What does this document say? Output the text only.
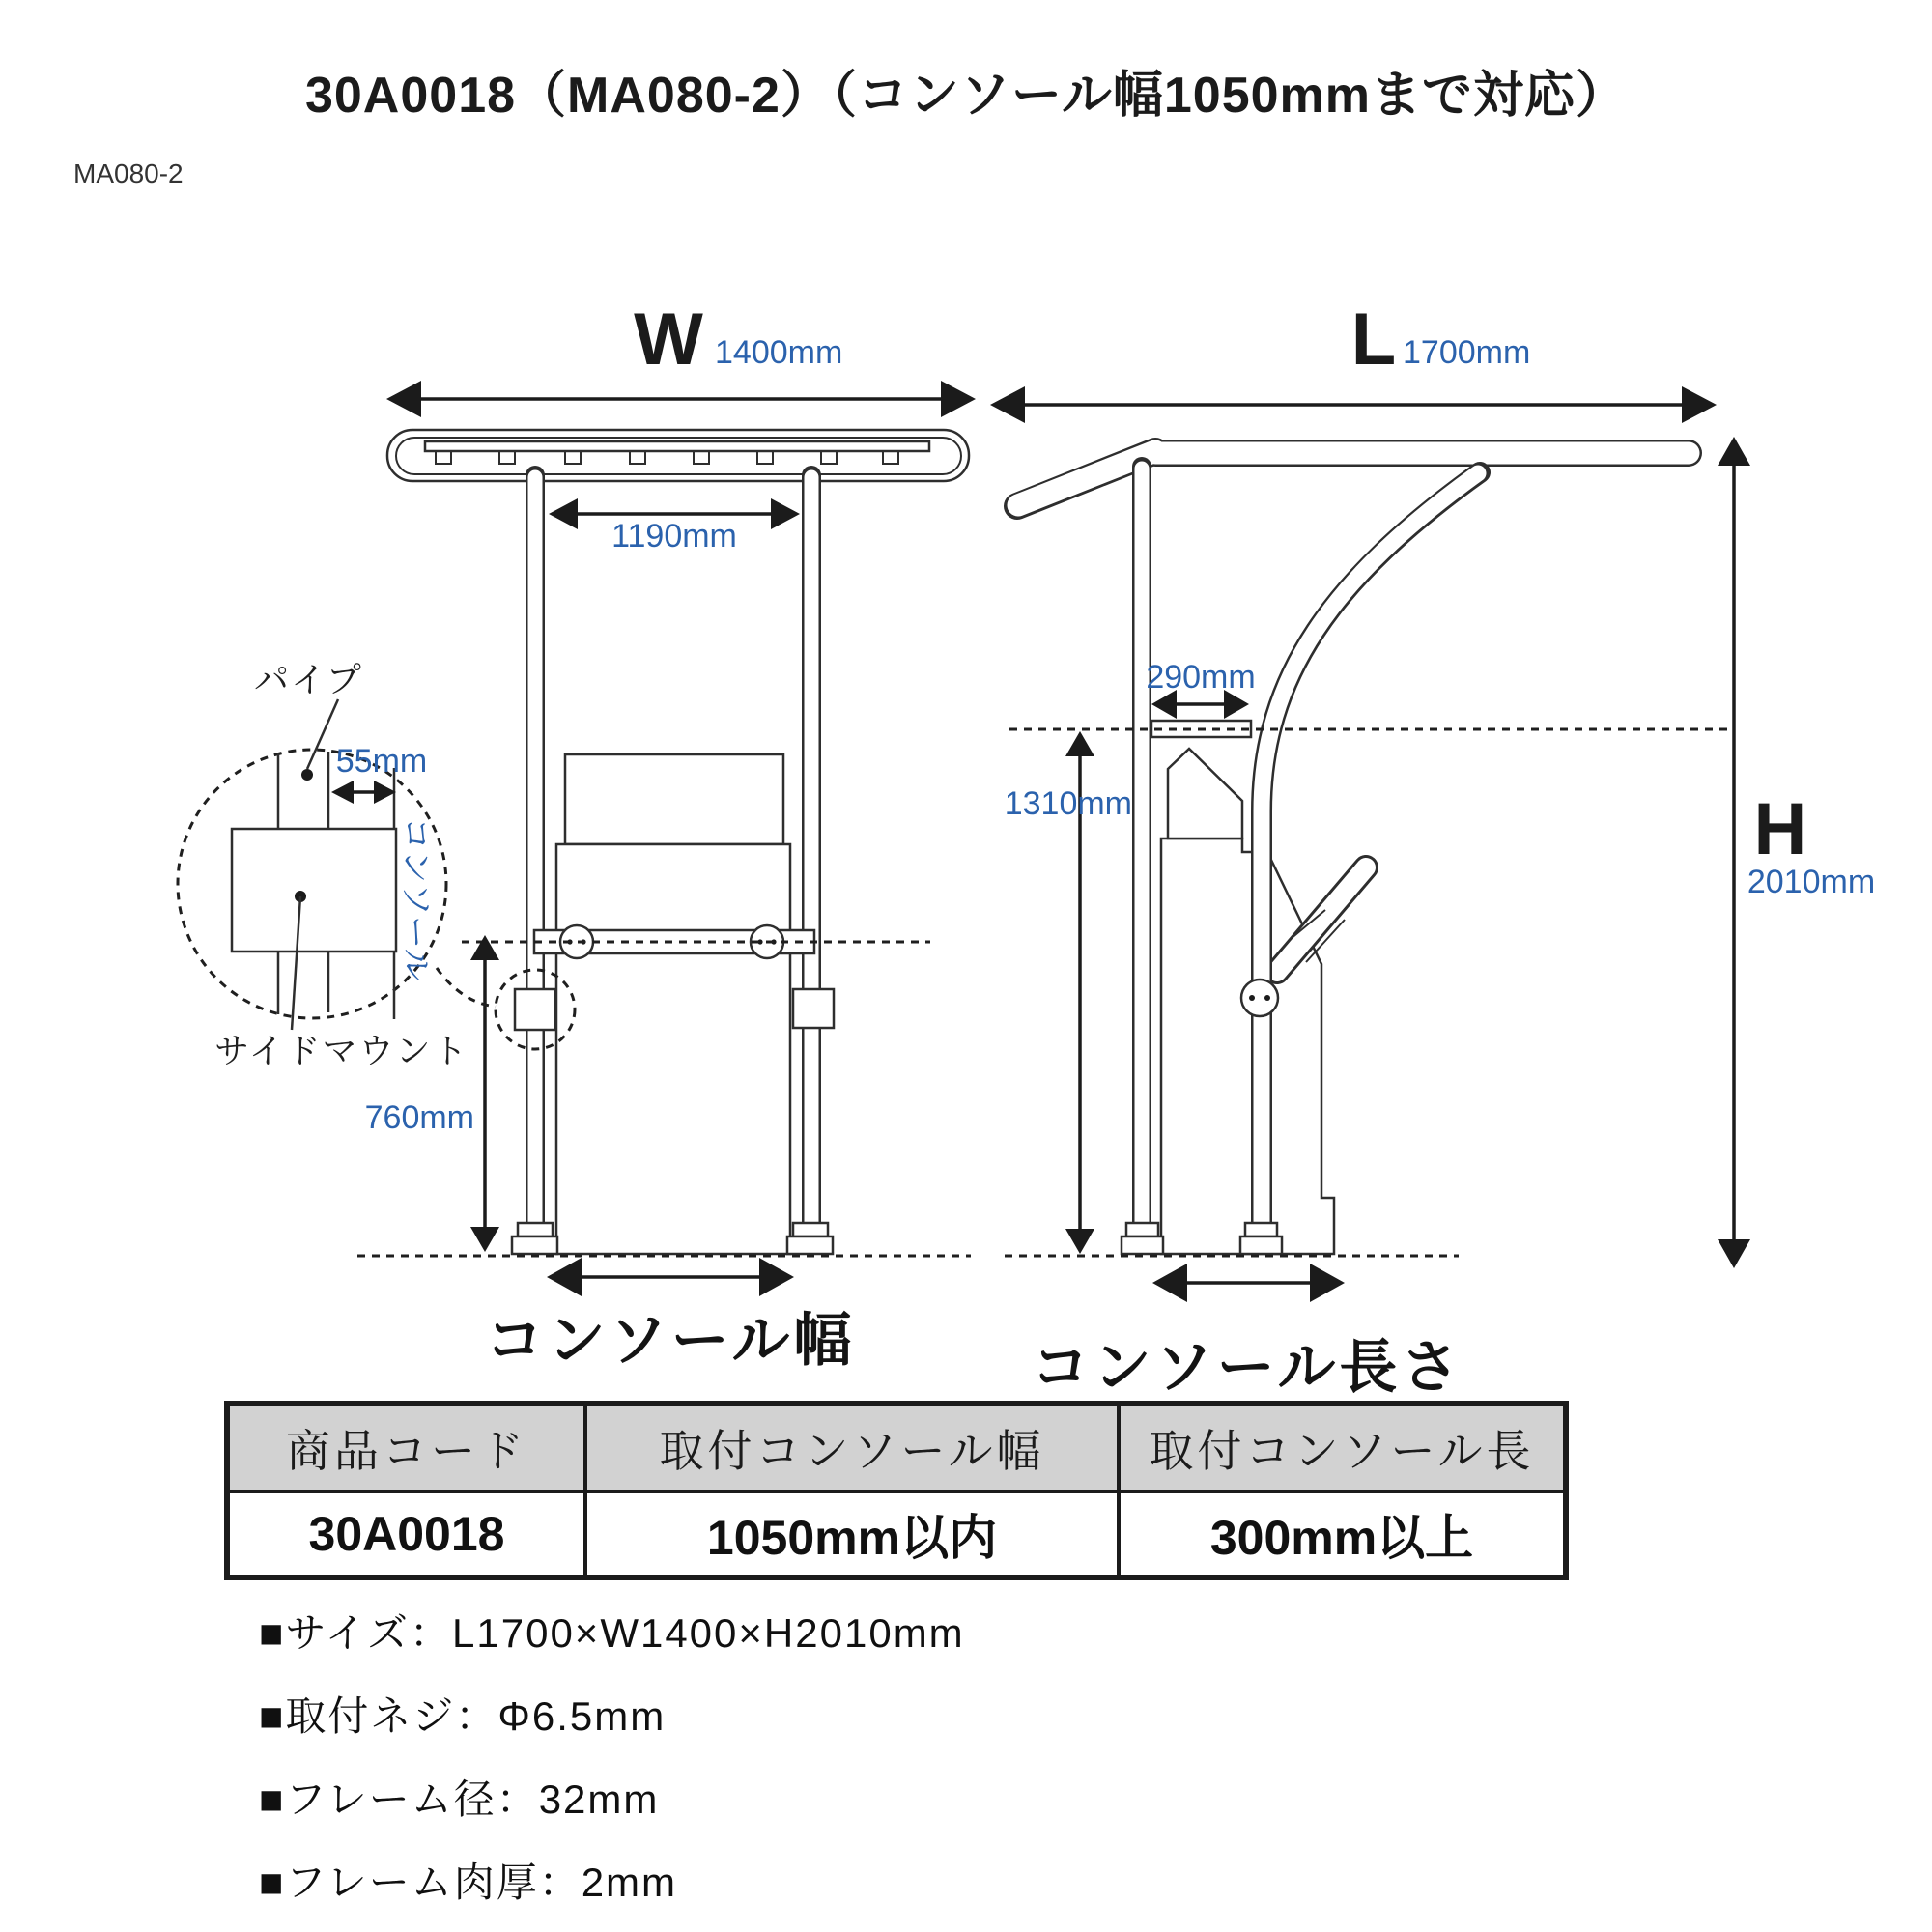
30A0018（MA080-2）（コンソール幅1050mmまで対応）
MA080-2
W 1400mm
1190mm
760mm
コンソール幅
パイプ
55mm
コンソール
サイドマウント
L 1700mm
290mm
1310mm	H
2010mm
コンソール長さ
商品コード	取付コンソール幅	取付コンソール長
30A0018	1050mm以内	300mm以上
■サイズ：L1700×W1400×H2010mm
■取付ネジ：Φ6.5mm
■フレーム径：32mm
■フレーム肉厚：2mm
